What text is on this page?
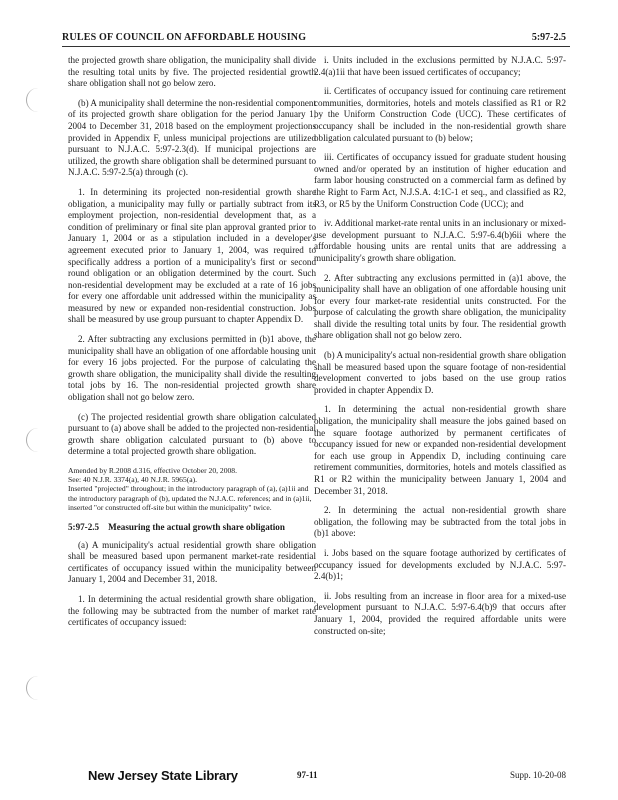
RULES OF COUNCIL ON AFFORDABLE HOUSING	5:97-2.5

the projected growth share obligation, the municipality shall divide the resulting total units by five. The projected residential growth share obligation shall not go below zero.

(b) A municipality shall determine the non-residential component of its projected growth share obligation for the period January 1, 2004 to December 31, 2018 based on the employment projections provided in Appendix F, unless municipal projections are utilized pursuant to N.J.A.C. 5:97-2.3(d). If municipal projections are utilized, the growth share obligation shall be determined pursuant to N.J.A.C. 5:97-2.5(a) through (c).

1. In determining its projected non-residential growth share obligation, a municipality may fully or partially subtract from its employment projection, non-residential development that, as a condition of preliminary or final site plan approval granted prior to January 1, 2004 or as a stipulation included in a developer's agreement executed prior to January 1, 2004, was required to specifically address a portion of a municipality's first or second round obligation or an obligation determined by the court. Such non-residential development may be excluded at a rate of 16 jobs for every one affordable unit addressed within the municipality as measured by new or expanded non-residential construction. Jobs shall be measured by use group pursuant to chapter Appendix D.

2. After subtracting any exclusions permitted in (b)1 above, the municipality shall have an obligation of one affordable housing unit for every 16 jobs projected. For the purpose of calculating the growth share obligation, the municipality shall divide the resulting total jobs by 16. The non-residential projected growth share obligation shall not go below zero.

(c) The projected residential growth share obligation calculated pursuant to (a) above shall be added to the projected non-residential growth share obligation calculated pursuant to (b) above to determine a total projected growth share obligation.

Amended by R.2008 d.316, effective October 20, 2008.
See: 40 N.J.R. 3374(a), 40 N.J.R. 5965(a).
Inserted "projected" throughout; in the introductory paragraph of (a), (a)1ii and the introductory paragraph of (b), updated the N.J.A.C. references; and in (a)1ii, inserted "or constructed off-site but within the municipality" twice.

5:97-2.5 Measuring the actual growth share obligation

(a) A municipality's actual residential growth share obligation shall be measured based upon permanent market-rate residential certificates of occupancy issued within the municipality between January 1, 2004 and December 31, 2018.

1. In determining the actual residential growth share obligation, the following may be subtracted from the number of market rate certificates of occupancy issued:

i. Units included in the exclusions permitted by N.J.A.C. 5:97-2.4(a)1ii that have been issued certificates of occupancy;

ii. Certificates of occupancy issued for continuing care retirement communities, dormitories, hotels and motels classified as R1 or R2 by the Uniform Construction Code (UCC). These certificates of occupancy shall be included in the non-residential growth share obligation calculated pursuant to (b) below;

iii. Certificates of occupancy issued for graduate student housing owned and/or operated by an institution of higher education and farm labor housing constructed on a commercial farm as defined by the Right to Farm Act, N.J.S.A. 4:1C-1 et seq., and classified as R2, R3, or R5 by the Uniform Construction Code (UCC); and

iv. Additional market-rate rental units in an inclusionary or mixed-use development pursuant to N.J.A.C. 5:97-6.4(b)6ii where the affordable housing units are rental units that are addressing a municipality's growth share obligation.

2. After subtracting any exclusions permitted in (a)1 above, the municipality shall have an obligation of one affordable housing unit for every four market-rate residential units constructed. For the purpose of calculating the growth share obligation, the municipality shall divide the resulting total units by four. The residential growth share obligation shall not go below zero.

(b) A municipality's actual non-residential growth share obligation shall be measured based upon the square footage of non-residential development converted to jobs based on the use group ratios provided in chapter Appendix D.

1. In determining the actual non-residential growth share obligation, the municipality shall measure the jobs gained based on the square footage authorized by permanent certificates of occupancy issued for new or expanded non-residential development for each use group in Appendix D, including continuing care retirement communities, dormitories, hotels and motels classified as R1 or R2 within the municipality between January 1, 2004 and December 31, 2018.

2. In determining the actual non-residential growth share obligation, the following may be subtracted from the total jobs in (b)1 above:

i. Jobs based on the square footage authorized by certificates of occupancy issued for developments excluded by N.J.A.C. 5:97-2.4(b)1;

ii. Jobs resulting from an increase in floor area for a mixed-use development pursuant to N.J.A.C. 5:97-6.4(b)9 that occurs after January 1, 2004, provided the required affordable units were constructed on-site;

New Jersey State Library	97-11	Supp. 10-20-08
